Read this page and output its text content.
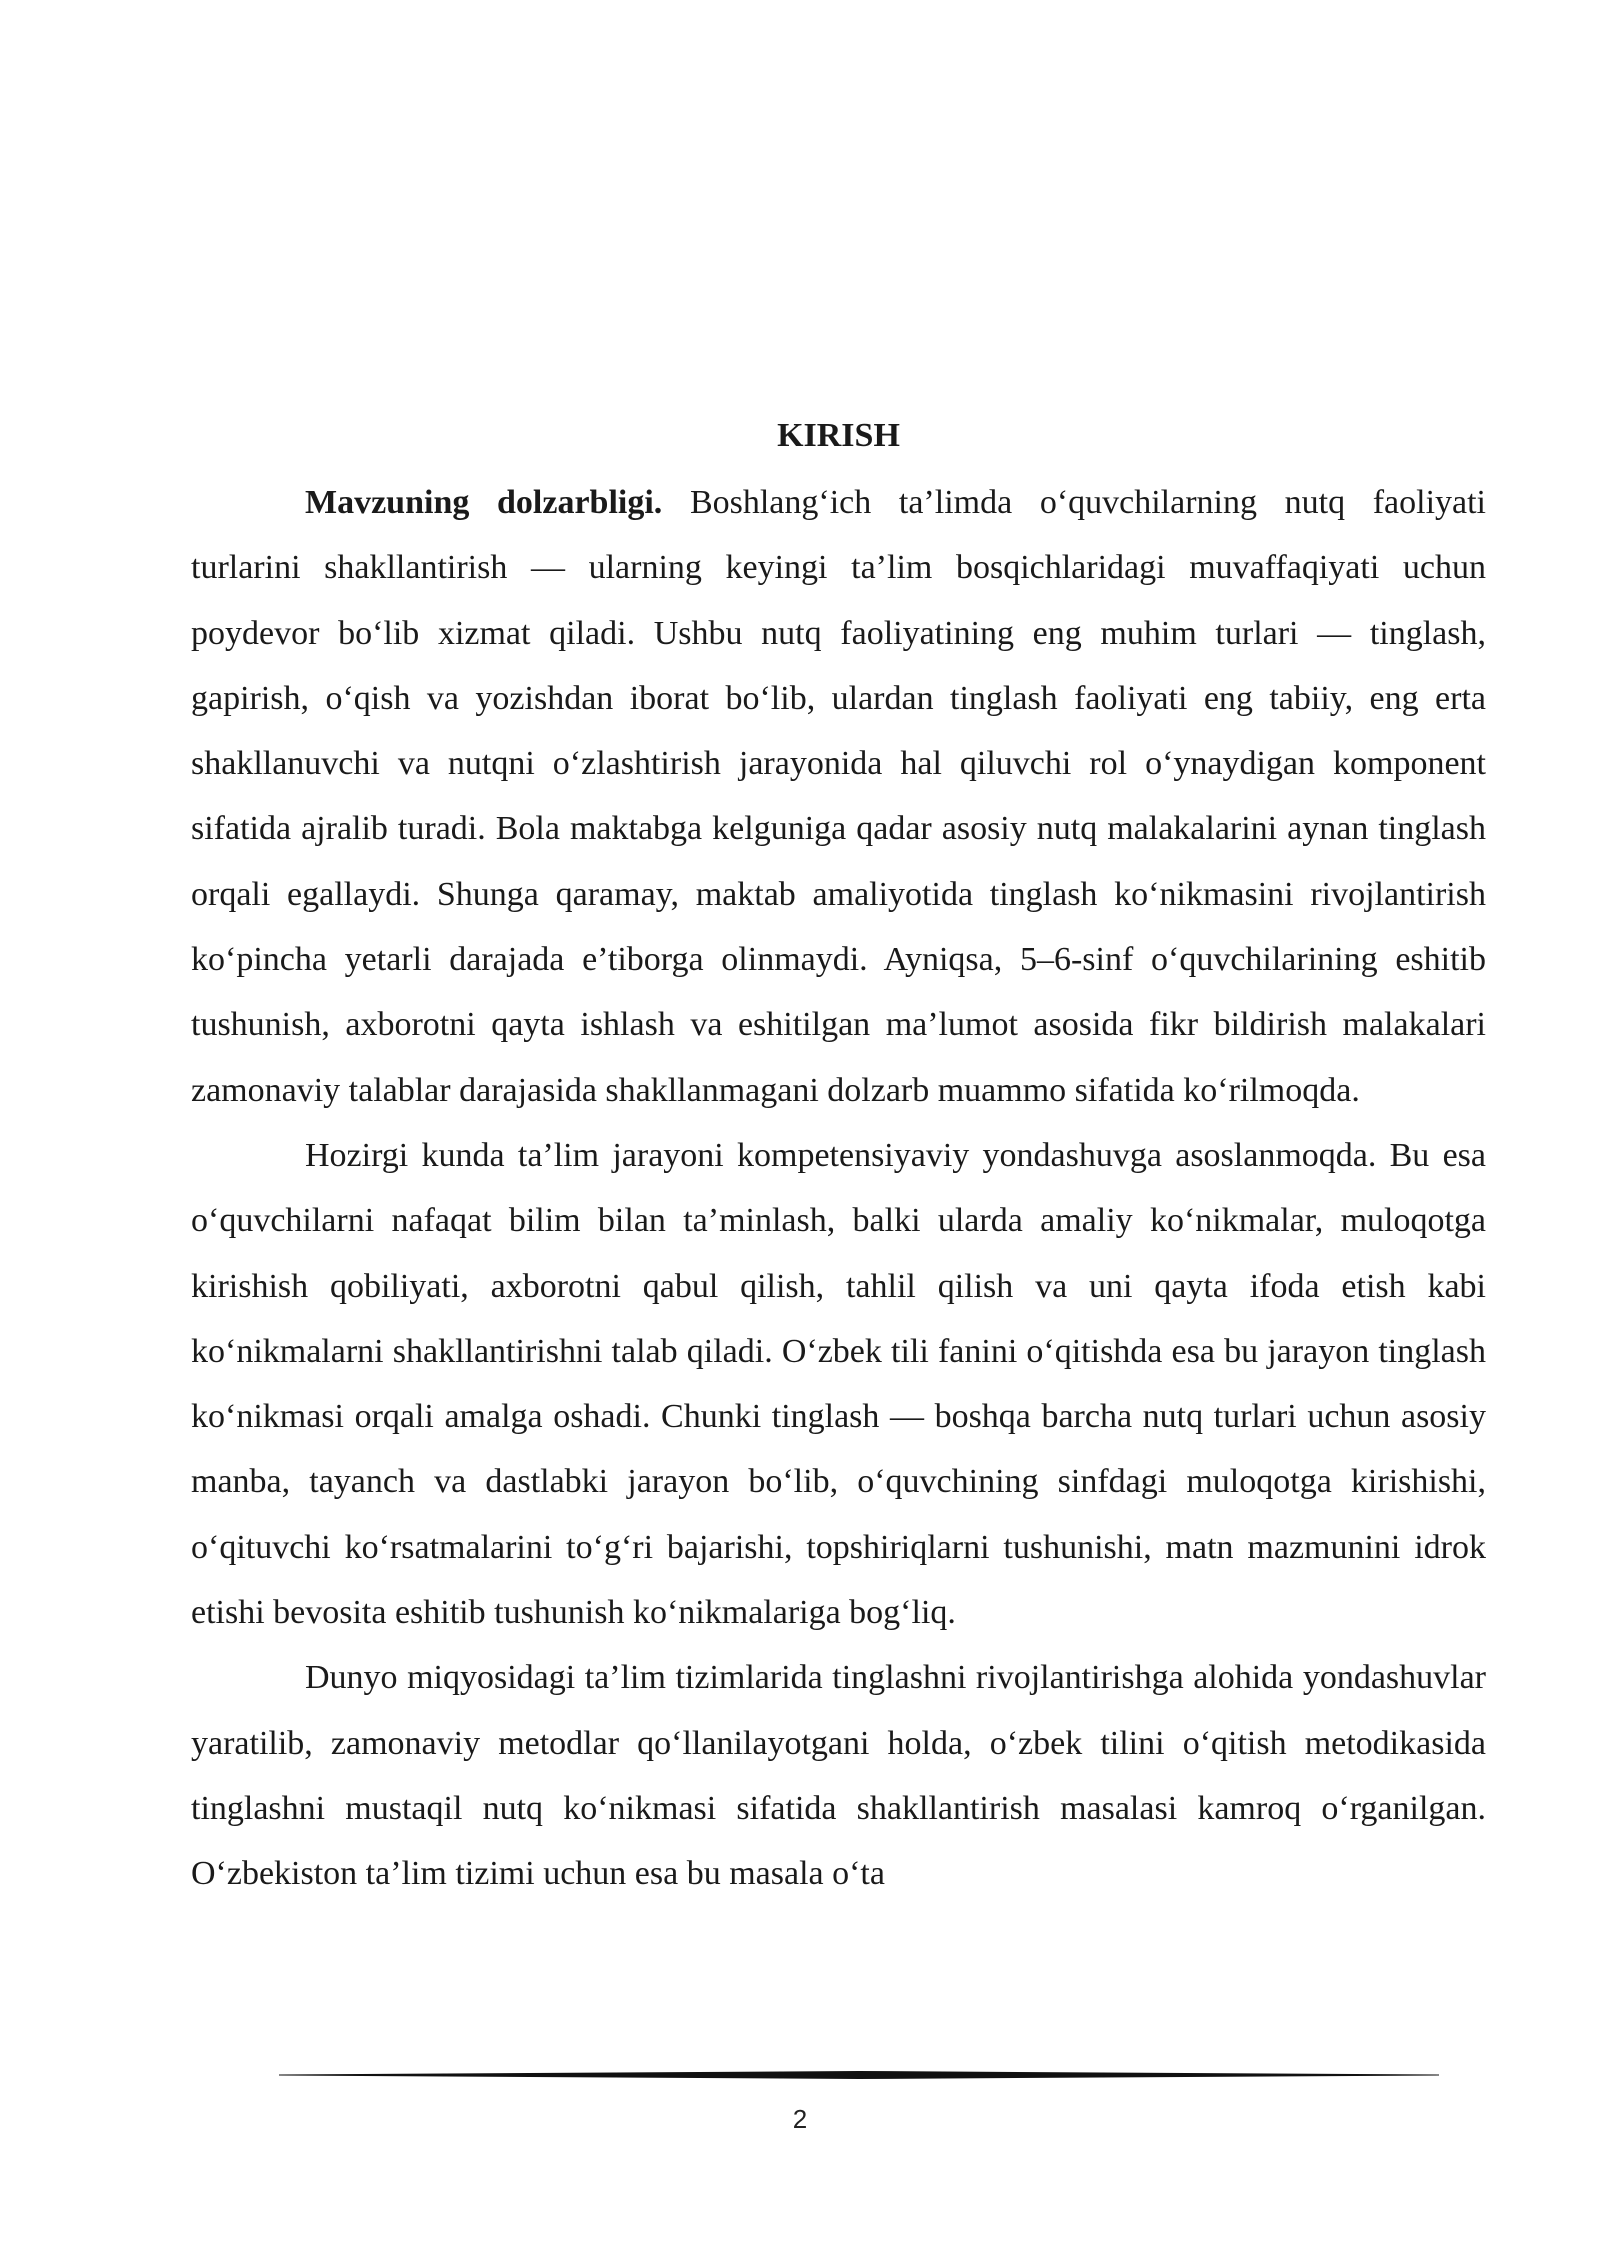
KIRISH

Mavzuning dolzarbligi. Boshlang‘ich ta’limda o‘quvchilarning nutq faoliyati turlarini shakllantirish — ularning keyingi ta’lim bosqichlaridagi muvaffaqiyati uchun poydevor bo‘lib xizmat qiladi. Ushbu nutq faoliyatining eng muhim turlari — tinglash, gapirish, o‘qish va yozishdan iborat bo‘lib, ulardan tinglash faoliyati eng tabiiy, eng erta shakllanuvchi va nutqni o‘zlashtirish jarayonida hal qiluvchi rol o‘ynaydigan komponent sifatida ajralib turadi. Bola maktabga kelguniga qadar asosiy nutq malakalarini aynan tinglash orqali egallaydi. Shunga qaramay, maktab amaliyotida tinglash ko‘nikmasini rivojlantirish ko‘pincha yetarli darajada e’tiborga olinmaydi. Ayniqsa, 5–6-sinf o‘quvchilarining eshitib tushunish, axborotni qayta ishlash va eshitilgan ma’lumot asosida fikr bildirish malakalari zamonaviy talablar darajasida shakllanmagani dolzarb muammo sifatida ko‘rilmoqda.

Hozirgi kunda ta’lim jarayoni kompetensiyaviy yondashuvga asoslanmoqda. Bu esa o‘quvchilarni nafaqat bilim bilan ta’minlash, balki ularda amaliy ko‘nikmalar, muloqotga kirishish qobiliyati, axborotni qabul qilish, tahlil qilish va uni qayta ifoda etish kabi ko‘nikmalarni shakllantirishni talab qiladi. O‘zbek tili fanini o‘qitishda esa bu jarayon tinglash ko‘nikmasi orqali amalga oshadi. Chunki tinglash — boshqa barcha nutq turlari uchun asosiy manba, tayanch va dastlabki jarayon bo‘lib, o‘quvchining sinfdagi muloqotga kirishishi, o‘qituvchi ko‘rsatmalarini to‘g‘ri bajarishi, topshiriqlarni tushunishi, matn mazmunini idrok etishi bevosita eshitib tushunish ko‘nikmalariga bog‘liq.

Dunyo miqyosidagi ta’lim tizimlarida tinglashni rivojlantirishga alohida yondashuvlar yaratilib, zamonaviy metodlar qo‘llanilayotgani holda, o‘zbek tilini o‘qitish metodikasida tinglashni mustaqil nutq ko‘nikmasi sifatida shakllantirish masalasi kamroq o‘rganilgan. O‘zbekiston ta’lim tizimi uchun esa bu masala o‘ta

2
